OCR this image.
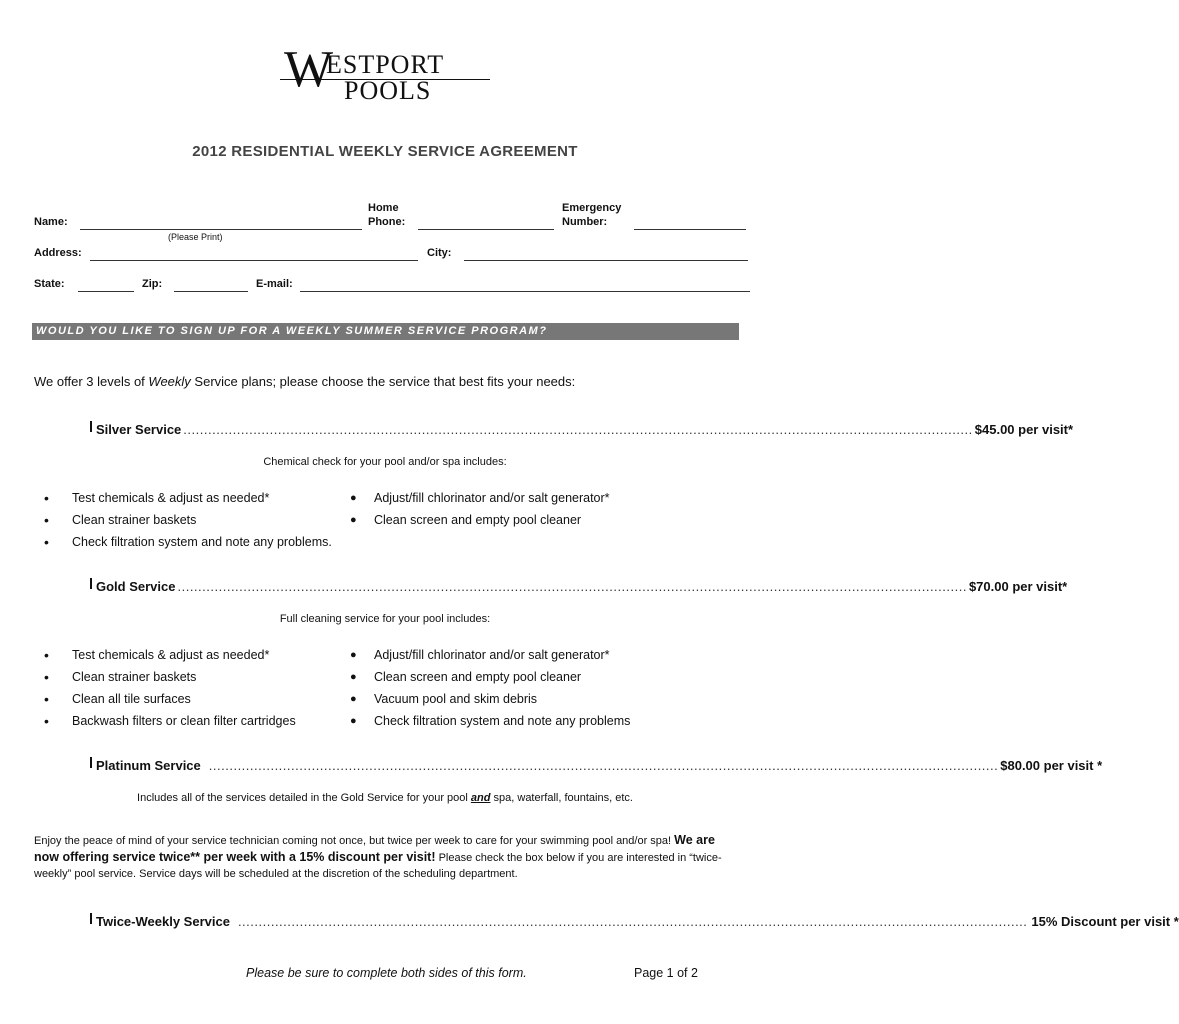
W
ESTPORT
POOLS
2012 RESIDENTIAL WEEKLY SERVICE AGREEMENT
Name:
(Please Print)
Home
Phone:
Emergency
Number:
Address:	City:
State:	Zip:	E-mail:
WOULD YOU LIKE TO SIGN UP FOR A WEEKLY SUMMER SERVICE PROGRAM?
We offer 3 levels of Weekly Service plans; please choose the service that best fits your needs:
Silver Service ................................................................................................................................................................................................ $45.00 per visit*
Chemical check for your pool and/or spa includes:
•	Test chemicals & adjust as needed*
•	Clean strainer baskets
•	Check filtration system and note any problems.
●	Adjust/fill chlorinator and/or salt generator*
●	Clean screen and empty pool cleaner
Gold Service ................................................................................................................................................................................................ $70.00 per visit*
Full cleaning service for your pool includes:
•	Test chemicals & adjust as needed*
•	Clean strainer baskets
•	Clean all tile surfaces
•	Backwash filters or clean filter cartridges
●	Adjust/fill chlorinator and/or salt generator*
●	Clean screen and empty pool cleaner
●	Vacuum pool and skim debris
●	Check filtration system and note any problems
Platinum Service ................................................................................................................................................................................................ $80.00 per visit *
Includes all of the services detailed in the Gold Service for your pool and spa, waterfall, fountains, etc.
Enjoy the peace of mind of your service technician coming not once, but twice per week to care for your swimming pool and/or spa! We are now offering service twice** per week with a 15% discount per visit! Please check the box below if you are interested in “twice-weekly” pool service. Service days will be scheduled at the discretion of the scheduling department.
Twice-Weekly Service ................................................................................................................................................................................................ 15% Discount per visit *
Please be sure to complete both sides of this form.	Page 1 of 2
